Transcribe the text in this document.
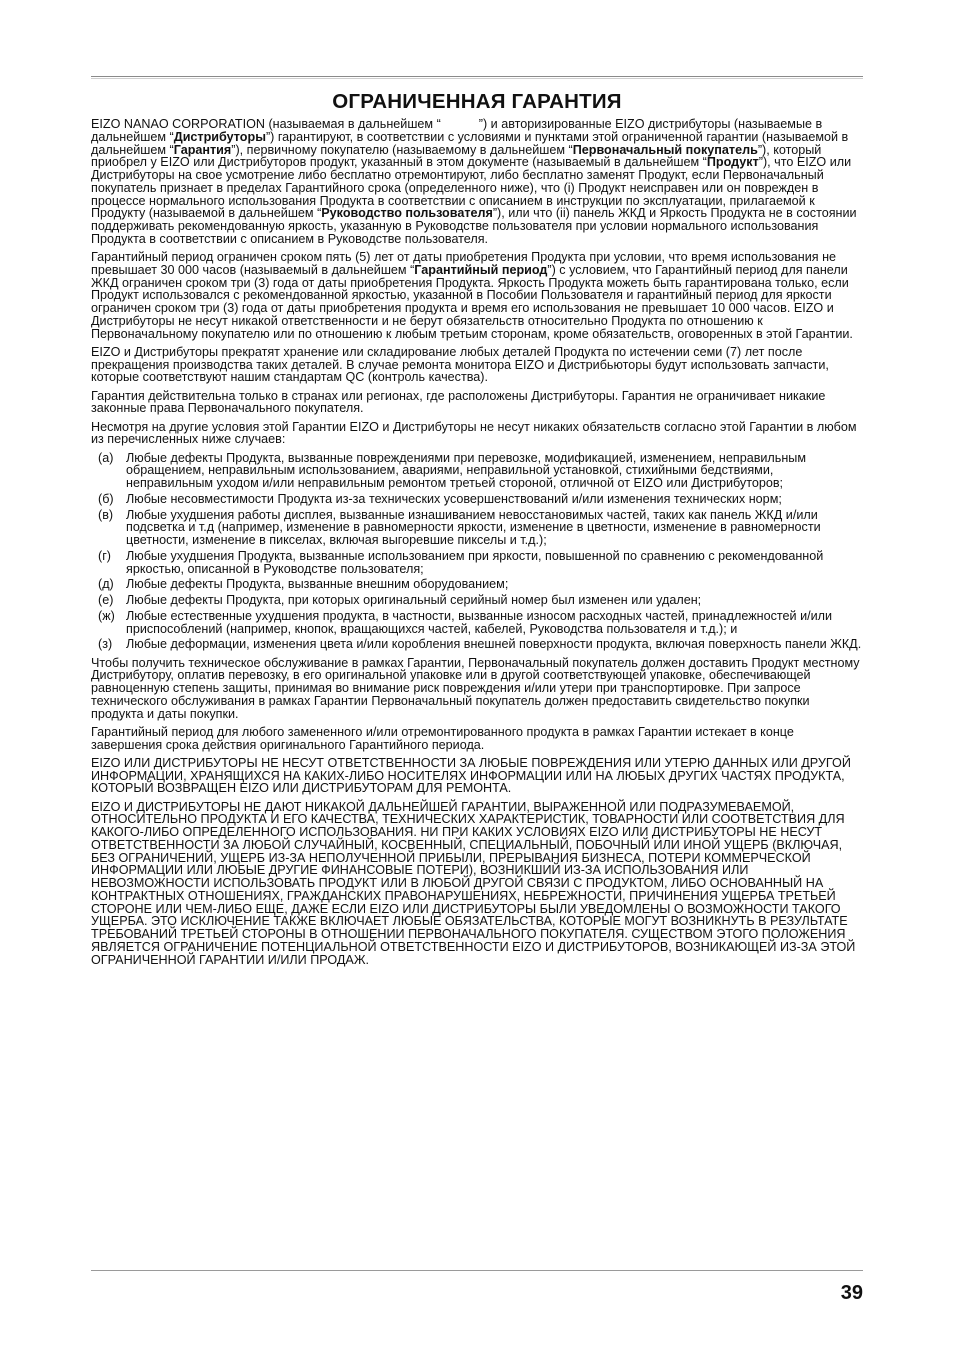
ОГРАНИЧЕННАЯ ГАРАНТИЯ

EIZO NANAO CORPORATION (называемая в дальнейшем “	”) и авторизированные EIZO дистрибуторы (называемые в дальнейшем “Дистрибуторы”) гарантируют, в соответствии с условиями и пунктами этой ограниченной гарантии (называемой в дальнейшем “Гарантия”), первичному покупателю (называемому в дальнейшем “Первоначальный покупатель”), который приобрел у EIZO или Дистрибуторов продукт, указанный в этом документе (называемый в дальнейшем “Продукт”), что EIZO или Дистрибуторы на свое усмотрение либо бесплатно отремонтируют, либо бесплатно заменят Продукт, если Первоначальный покупатель признает в пределах Гарантийного срока (определенного ниже), что (i) Продукт неисправен или он поврежден в процессе нормального использования Продукта в соответствии с описанием в инструкции по эксплуатации, прилагаемой к Продукту (называемой в дальнейшем “Руководство пользователя”), или что (ii) панель ЖКД и Яркость Продукта не в состоянии поддерживать рекомендованную яркость, указанную в Руководстве пользователя при условии нормального использования Продукта в соответствии с описанием в Руководстве пользователя.

Гарантийный период ограничен сроком пять (5) лет от даты приобретения Продукта при условии, что время использования не превышает 30 000 часов (называемый в дальнейшем “Гарантийный период”) с условием, что Гарантийный период для панели ЖКД ограничен сроком три (3) года от даты приобретения Продукта. Яркость Продукта можеть быть гарантирована только, если Продукт использовался с рекомендованной яркостью, указанной в Пособии Пользователя и гарантийный период для яркости ограничен сроком три (3) года от даты приобретения продукта и время его использования не превышает 10 000 часов. EIZO и Дистрибуторы не несут никакой ответственности и не берут обязательств относительно Продукта по отношению к Первоначальному покупателю или по отношению к любым третьим сторонам, кроме обязательств, оговоренных в этой Гарантии.

EIZO и Дистрибуторы прекратят хранение или складирование любых деталей Продукта по истечении семи (7) лет после прекращения производства таких деталей. В случае ремонта монитора EIZO и Дистрибьюторы будут использовать запчасти, которые соответствуют нашим стандартам QC (контроль качества).

Гарантия действительна только в странах или регионах, где расположены Дистрибуторы. Гарантия не ограничивает никакие законные права Первоначального покупателя.

Несмотря на другие условия этой Гарантии EIZO и Дистрибуторы не несут никаких обязательств согласно этой Гарантии в любом из перечисленных ниже случаев:

(а) Любые дефекты Продукта, вызванные повреждениями при перевозке, модификацией, изменением, неправильным обращением, неправильным использованием, авариями, неправильной установкой, стихийными бедствиями, неправильным уходом и/или неправильным ремонтом третьей стороной, отличной от EIZO или Дистрибуторов;
(б) Любые несовместимости Продукта из-за технических усовершенствований и/или изменения технических норм;
(в) Любые ухудшения работы дисплея, вызванные изнашиванием невосстановимых частей, таких как панель ЖКД и/или подсветка и т.д (например, изменение в равномерности яркости, изменение в цветности, изменение в равномерности цветности, изменение в пикселах, включая выгоревшие пикселы и т.д.);
(г) Любые ухудшения Продукта, вызванные использованием при яркости, повышенной по сравнению с рекомендованной яркостью, описанной в Руководстве пользователя;
(д) Любые дефекты Продукта, вызванные внешним оборудованием;
(е) Любые дефекты Продукта, при которых оригинальный серийный номер был изменен или удален;
(ж) Любые естественные ухудшения продукта, в частности, вызванные износом расходных частей, принадлежностей и/или приспособлений (например, кнопок, вращающихся частей, кабелей, Руководства пользователя и т.д.); и
(з) Любые деформации, изменения цвета и/или коробления внешней поверхности продукта, включая поверхность панели ЖКД.

Чтобы получить техническое обслуживание в рамках Гарантии, Первоначальный покупатель должен доставить Продукт местному Дистрибутору, оплатив перевозку, в его оригинальной упаковке или в другой соответствующей упаковке, обеспечивающей равноценную степень защиты, принимая во внимание риск повреждения и/или утери при транспортировке. При запросе технического обслуживания в рамках Гарантии Первоначальный покупатель должен предоставить свидетельство покупки продукта и даты покупки.

Гарантийный период для любого замененного и/или отремонтированного продукта в рамках Гарантии истекает в конце завершения срока действия оригинального Гарантийного периода.

EIZO ИЛИ ДИСТРИБУТОРЫ НЕ НЕСУТ ОТВЕТСТВЕННОСТИ ЗА ЛЮБЫЕ ПОВРЕЖДЕНИЯ ИЛИ УТЕРЮ ДАННЫХ ИЛИ ДРУГОЙ ИНФОРМАЦИИ, ХРАНЯЩИХСЯ НА КАКИХ-ЛИБО НОСИТЕЛЯХ ИНФОРМАЦИИ ИЛИ НА ЛЮБЫХ ДРУГИХ ЧАСТЯХ ПРОДУКТА, КОТОРЫЙ ВОЗВРАЩЕН EIZO ИЛИ ДИСТРИБУТОРАМ ДЛЯ РЕМОНТА.

EIZO И ДИСТРИБУТОРЫ НЕ ДАЮТ НИКАКОЙ ДАЛЬНЕЙШЕЙ ГАРАНТИИ, ВЫРАЖЕННОЙ ИЛИ ПОДРАЗУМЕВАЕМОЙ, ОТНОСИТЕЛЬНО ПРОДУКТА И ЕГО КАЧЕСТВА, ТЕХНИЧЕСКИХ ХАРАКТЕРИСТИК, ТОВАРНОСТИ ИЛИ СООТВЕТСТВИЯ ДЛЯ КАКОГО-ЛИБО ОПРЕДЕЛЕННОГО ИСПОЛЬЗОВАНИЯ. НИ ПРИ КАКИХ УСЛОВИЯХ EIZO ИЛИ ДИСТРИБУТОРЫ НЕ НЕСУТ ОТВЕТСТВЕННОСТИ ЗА ЛЮБОЙ СЛУЧАЙНЫЙ, КОСВЕННЫЙ, СПЕЦИАЛЬНЫЙ, ПОБОЧНЫЙ ИЛИ ИНОЙ УЩЕРБ (ВКЛЮЧАЯ, БЕЗ ОГРАНИЧЕНИЙ, УЩЕРБ ИЗ-ЗА НЕПОЛУЧЕННОЙ ПРИБЫЛИ, ПРЕРЫВАНИЯ БИЗНЕСА, ПОТЕРИ КОММЕРЧЕСКОЙ ИНФОРМАЦИИ ИЛИ ЛЮБЫЕ ДРУГИЕ ФИНАНСОВЫЕ ПОТЕРИ), ВОЗНИКШИЙ ИЗ-ЗА ИСПОЛЬЗОВАНИЯ ИЛИ НЕВОЗМОЖНОСТИ ИСПОЛЬЗОВАТЬ ПРОДУКТ ИЛИ В ЛЮБОЙ ДРУГОЙ СВЯЗИ С ПРОДУКТОМ, ЛИБО ОСНОВАННЫЙ НА КОНТРАКТНЫХ ОТНОШЕНИЯХ, ГРАЖДАНСКИХ ПРАВОНАРУШЕНИЯХ, НЕБРЕЖНОСТИ, ПРИЧИНЕНИЯ УЩЕРБА ТРЕТЬЕЙ СТОРОНЕ ИЛИ ЧЕМ-ЛИБО ЕЩЕ, ДАЖЕ ЕСЛИ EIZO ИЛИ ДИСТРИБУТОРЫ БЫЛИ УВЕДОМЛЕНЫ О ВОЗМОЖНОСТИ ТАКОГО УЩЕРБА. ЭТО ИСКЛЮЧЕНИЕ ТАКЖЕ ВКЛЮЧАЕТ ЛЮБЫЕ ОБЯЗАТЕЛЬСТВА, КОТОРЫЕ МОГУТ ВОЗНИКНУТЬ В РЕЗУЛЬТАТЕ ТРЕБОВАНИЙ ТРЕТЬЕЙ СТОРОНЫ В ОТНОШЕНИИ ПЕРВОНАЧАЛЬНОГО ПОКУПАТЕЛЯ. СУЩЕСТВОМ ЭТОГО ПОЛОЖЕНИЯ ЯВЛЯЕТСЯ ОГРАНИЧЕНИЕ ПОТЕНЦИАЛЬНОЙ ОТВЕТСТВЕННОСТИ EIZO И ДИСТРИБУТОРОВ, ВОЗНИКАЮЩЕЙ ИЗ-ЗА ЭТОЙ ОГРАНИЧЕННОЙ ГАРАНТИИ И/ИЛИ ПРОДАЖ.

39
